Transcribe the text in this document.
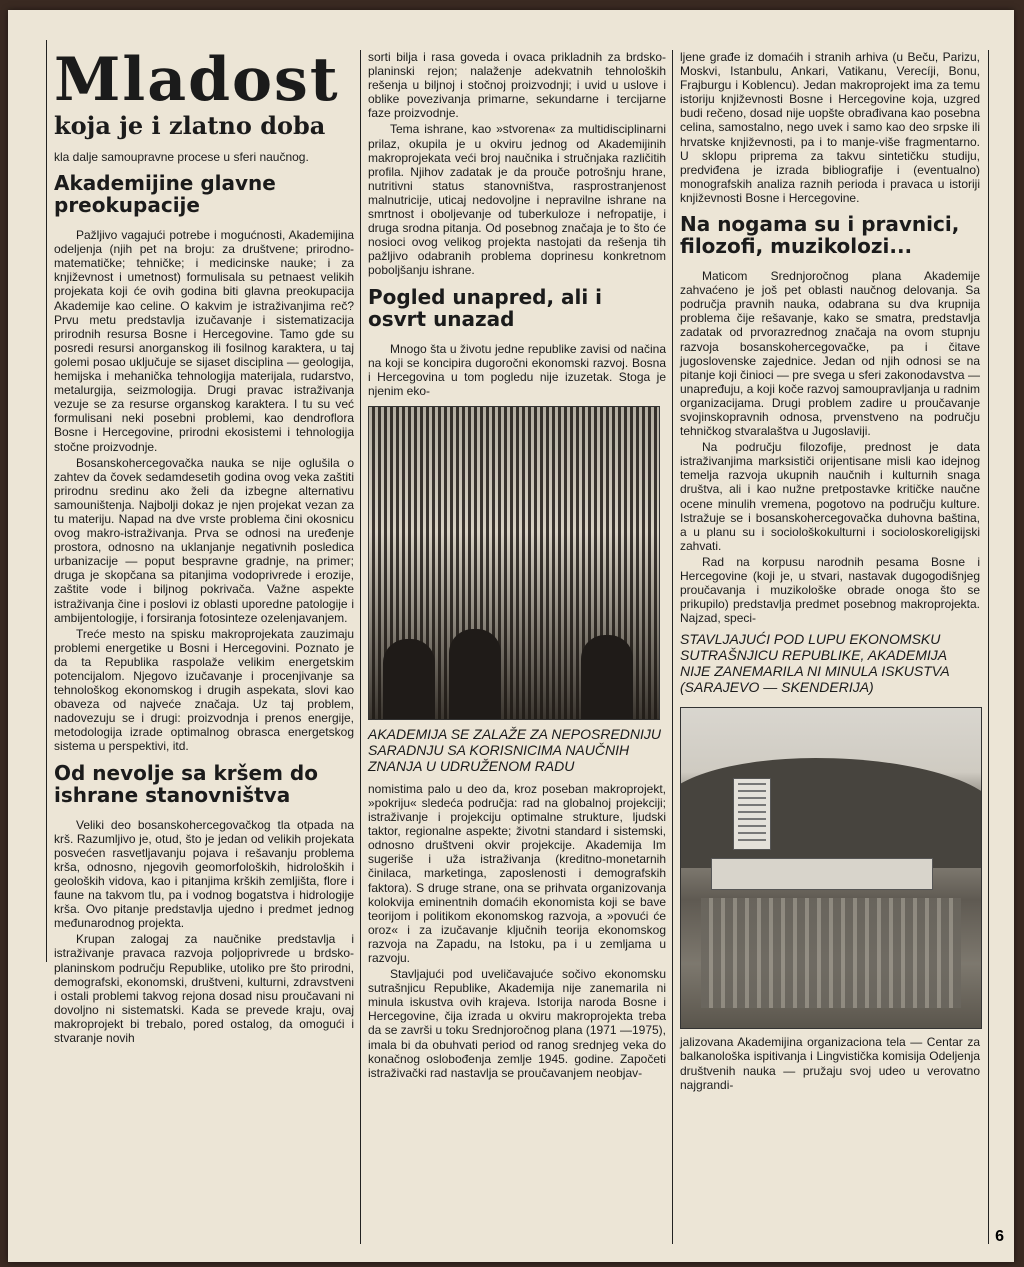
Mladost
koja je i zlatno doba

kla dalje samoupravne procese u sferi naučnog.

Akademijine glavne preokupacije

Pažljivo vagajući potrebe i mogućnosti, Akademijina odeljenja (njih pet na broju: za društvene; prirodno-matematičke; tehničke; i medicinske nauke; i za književnost i umetnost) formulisala su petnaest velikih projekata koji će ovih godina biti glavna preokupacija Akademije kao celine. O kakvim je istraživanjima reč? Prvu metu predstavlja izučavanje i sistematizacija prirodnih resursa Bosne i Hercegovine. Tamo gde su posredi resursi anorganskog ili fosilnog karaktera, u taj golemi posao uključuje se sijaset disciplina — geologija, hemijska i mehanička tehnologija materijala, rudarstvo, metalurgija, seizmologija. Drugi pravac istraživanja vezuje se za resurse organskog karaktera. I tu su već formulisani neki posebni problemi, kao dendroflora Bosne i Hercegovine, prirodni ekosistemi i tehnologija stočne proizvodnje.

Bosanskohercegovačka nauka se nije oglušila o zahtev da čovek sedamdesetih godina ovog veka zaštiti prirodnu sredinu ako želi da izbegne alternativu samouništenja. Najbolji dokaz je njen projekat vezan za tu materiju. Napad na dve vrste problema čini okosnicu ovog makro-istraživanja. Prva se odnosi na uređenje prostora, odnosno na uklanjanje negativnih posledica urbanizacije — poput bespravne gradnje, na primer; druga je skopčana sa pitanjima vodoprivrede i erozije, zaštite vode i biljnog pokrivača. Važne aspekte istraživanja čine i poslovi iz oblasti uporedne patologije i ambijentologije, i forsiranja fotosinteze ozelenjavanjem.

Treće mesto na spisku makroprojekata zauzimaju problemi energetike u Bosni i Hercegovini. Poznato je da ta Republika raspolaže velikim energetskim potencijalom. Njegovo izučavanje i procenjivanje sa tehnološkog ekonomskog i drugih aspekata, slovi kao obaveza od najveće značaja. Uz taj problem, nadovezuju se i drugi: proizvodnja i prenos energije, metodologija izrade optimalnog obrasca energetskog sistema u perspektivi, itd.

Od nevolje sa kršem do ishrane stanovništva

Veliki deo bosanskohercegovačkog tla otpada na krš. Razumljivo je, otud, što je jedan od velikih projekata posvećen rasvetljavanju pojava i rešavanju problema krša, odnosno, njegovih geomorfoloških, hidroloških i geoloških vidova, kao i pitanjima krških zemljišta, flore i faune na takvom tlu, pa i vodnog bogatstva i hidrologije krša. Ovo pitanje predstavlja ujedno i predmet jednog međunarodnog projekta.

Krupan zalogaj za naučnike predstavlja i istraživanje pravaca razvoja poljoprivrede u brdsko-planinskom području Republike, utoliko pre što prirodni, demografski, ekonomski, društveni, kulturni, zdravstveni i ostali problemi takvog rejona dosad nisu proučavani ni dovoljno ni sistematski. Kada se prevede kraju, ovaj makroprojekt bi trebalo, pored ostalog, da omogući i stvaranje novih

sorti bilja i rasa goveda i ovaca prikladnih za brdsko-planinski rejon; nalaženje adekvatnih tehnoloških rešenja u biljnoj i stočnoj proizvodnji; i uvid u uslove i oblike povezivanja primarne, sekundarne i tercijarne faze proizvodnje.

Tema ishrane, kao »stvorena« za multidisciplinarni prilaz, okupila je u okviru jednog od Akademijinih makroprojekata veći broj naučnika i stručnjaka različitih profila. Njihov zadatak je da prouče potrošnju hrane, nutritivni status stanovništva, rasprostranjenost malnutricije, uticaj nedovoljne i nepravilne ishrane na smrtnost i oboljevanje od tuberkuloze i nefropatije, i druga srodna pitanja. Od posebnog značaja je to što će nosioci ovog velikog projekta nastojati da rešenja tih pažljivo odabranih problema doprinesu konkretnom poboljšanju ishrane.

Pogled unapred, ali i osvrt unazad

Mnogo šta u životu jedne republike zavisi od načina na koji se koncipira dugoročni ekonomski razvoj. Bosna i Hercegovina u tom pogledu nije izuzetak. Stoga je njenim eko-

AKADEMIJA SE ZALAŽE ZA NEPOSREDNIJU SARADNJU SA KORISNICIMA NAUČNIH ZNANJA U UDRUŽENOM RADU

nomistima palo u deo da, kroz poseban makroprojekt, »pokriju« sledeća područja: rad na globalnoj projekciji; istraživanje i projekciju optimalne strukture, ljudski taktor, regionalne aspekte; životni standard i sistemski, odnosno društveni okvir projekcije. Akademija Im sugeriše i uža istraživanja (kreditno-monetarnih činilaca, marketinga, zaposlenosti i demografskih faktora). S druge strane, ona se prihvata organizovanja kolokvija eminentnih domaćih ekonomista koji se bave teorijom i politikom ekonomskog razvoja, a »povući će oroz« i za izučavanje ključnih teorija ekonomskog razvoja na Zapadu, na Istoku, pa i u zemljama u razvoju.

Stavljajući pod uveličavajuće sočivo ekonomsku sutrašnjicu Republike, Akademija nije zanemarila ni minula iskustva ovih krajeva. Istorija naroda Bosne i Hercegovine, čija izrada u okviru makroprojekta treba da se završi u toku Srednjoročnog plana (1971 —1975), imala bi da obuhvati period od ranog srednjeg veka do konačnog oslobođenja zemlje 1945. godine. Započeti istraživački rad nastavlja se proučavanjem neobjav-

ljene građe iz domaćih i stranih arhiva (u Beču, Parizu, Moskvi, Istanbulu, Ankari, Vatikanu, Verecíji, Bonu, Frajburgu i Koblencu). Jedan makroprojekt ima za temu istoriju književnosti Bosne i Hercegovine koja, uzgred budi rečeno, dosad nije uopšte obrađivana kao posebna celina, samostalno, nego uvek i samo kao deo srpske ili hrvatske književnosti, pa i to manje-više fragmentarno. U sklopu priprema za takvu sintetičku studiju, predviđena je izrada bibliografije i (eventualno) monografskih analiza raznih perioda i pravaca u istoriji književnosti Bosne i Hercegovine.

Na nogama su i pravnici, filozofi, muzikolozi...

Maticom Srednjoročnog plana Akademije zahvaćeno je još pet oblasti naučnog delovanja. Sa područja pravnih nauka, odabrana su dva krupnija problema čije rešavanje, kako se smatra, predstavlja zadatak od prvorazrednog značaja na ovom stupnju razvoja bosanskohercegovačke, pa i čitave jugoslovenske zajednice. Jedan od njih odnosi se na pitanje koji činioci — pre svega u sferi zakonodavstva — unapređuju, a koji koče razvoj samoupravljanja u radnim organizacijama. Drugi problem zadire u proučavanje svojinskopravnih odnosa, prvenstveno na području tehničkog stvaralaštva u Jugoslaviji.

Na području filozofije, prednost je data istraživanjima marksističi orijentisane misli kao idejnog temelja razvoja ukupnih naučnih i kulturnih snaga društva, ali i kao nužne pretpostavke kritičke naučne ocene minulih vremena, pogotovo na području kulture. Istražuje se i bosanskohercegovačka duhovna baština, a u planu su i sociološkokulturni i socioloskoreligijski zahvati.

Rad na korpusu narodnih pesama Bosne i Hercegovine (koji je, u stvari, nastavak dugogodišnjeg proučavanja i muzikološke obrade onoga što se prikupilo) predstavlja predmet posebnog makroprojekta. Najzad, speci-

STAVLJAJUĆI POD LUPU EKONOMSKU SUTRAŠNJICU REPUBLIKE, AKADEMIJA NIJE ZANEMARILA NI MINULA ISKUSTVA (SARAJEVO — SKENDERIJA)

jalizovana Akademijina organizaciona tela — Centar za balkanološka ispitivanja i Lingvistička komisija Odeljenja društvenih nauka — pružaju svoj udeo u verovatno najgrandi-

6
